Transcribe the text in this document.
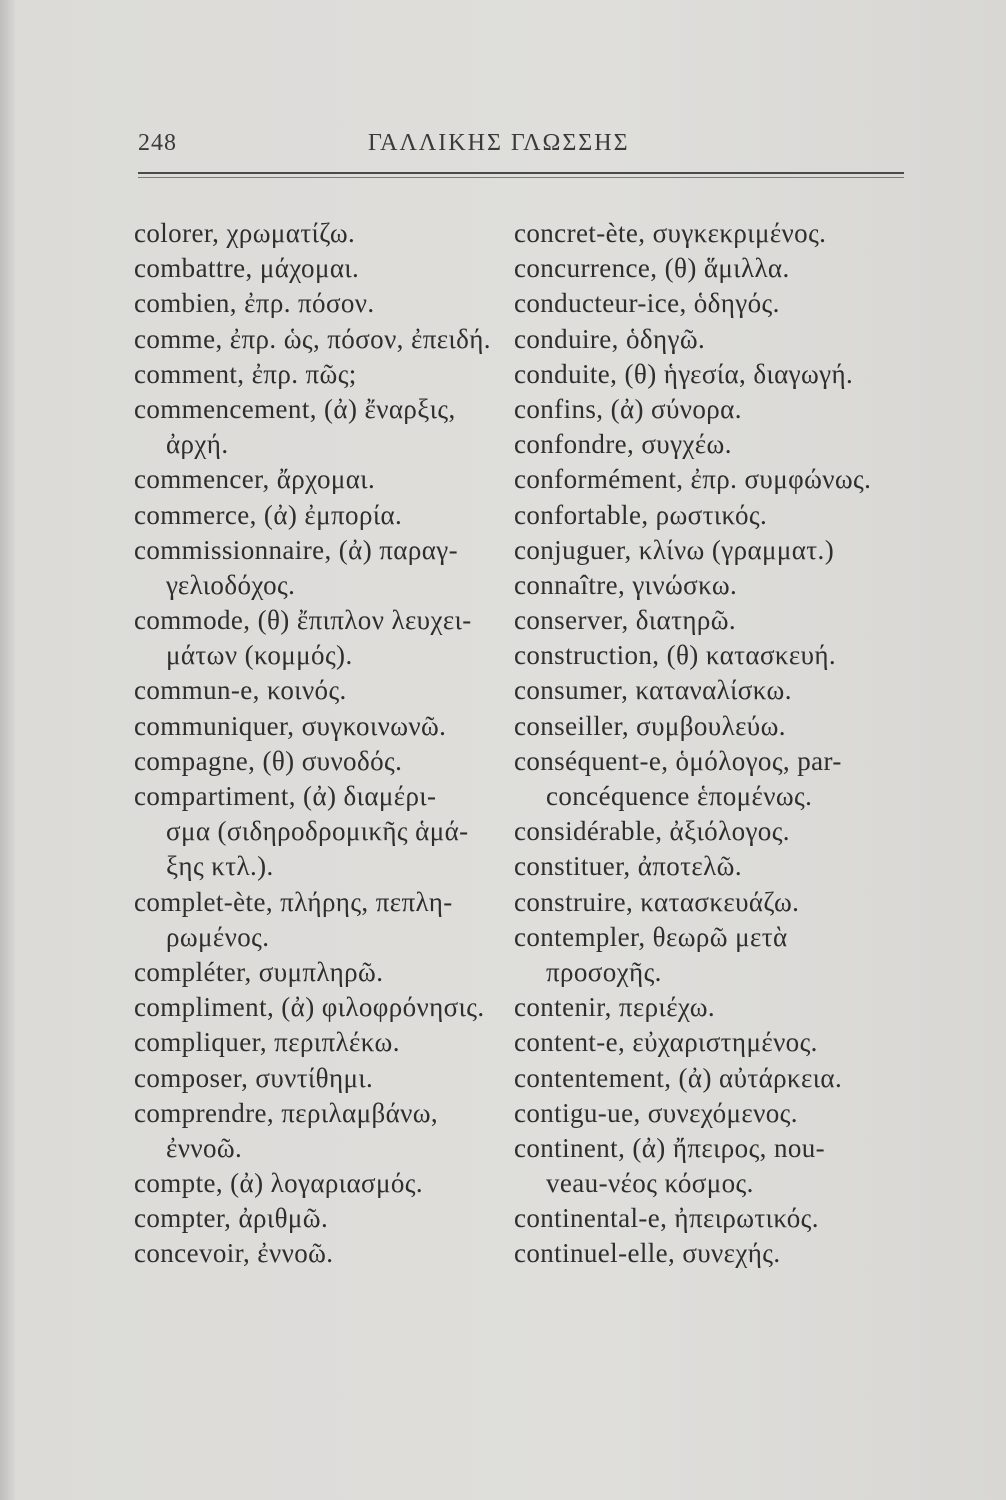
248	ΓΑΛΛΙΚΗΣ ΓΛΩΣΣΗΣ
colorer, χρωματίζω.
combattre, μάχομαι.
combien, ἐπρ. πόσον.
comme, ἐπρ. ὡς, πόσον, ἐπειδή.
comment, ἐπρ. πῶς;
commencement, (ἀ) ἔναρξις,
ἀρχή.
commencer, ἄρχομαι.
commerce, (ἀ) ἐμπορία.
commissionnaire, (ἀ) παραγ-
γελιοδόχος.
commode, (θ) ἔπιπλον λευχει-
μάτων (κομμός).
commun-e, κοινός.
communiquer, συγκοινωνῶ.
compagne, (θ) συνοδός.
compartiment, (ἀ) διαμέρι-
σμα (σιδηροδρομικῆς ἁμά-
ξης κτλ.).
complet-ète, πλήρης, πεπλη-
ρωμένος.
compléter, συμπληρῶ.
compliment, (ἀ) φιλοφρόνησις.
compliquer, περιπλέκω.
composer, συντίθημι.
comprendre, περιλαμβάνω,
ἐννοῶ.
compte, (ἀ) λογαριασμός.
compter, ἀριθμῶ.
concevoir, ἐννοῶ.
concret-ète, συγκεκριμένος.
concurrence, (θ) ἅμιλλα.
conducteur-ice, ὁδηγός.
conduire, ὁδηγῶ.
conduite, (θ) ἡγεσία, διαγωγή.
confins, (ἀ) σύνορα.
confondre, συγχέω.
conformément, ἐπρ. συμφώνως.
confortable, ρωστικός.
conjuguer, κλίνω (γραμματ.)
connaître, γινώσκω.
conserver, διατηρῶ.
construction, (θ) κατασκευή.
consumer, καταναλίσκω.
conseiller, συμβουλεύω.
conséquent-e, ὁμόλογος, par-
concéquence ἑπομένως.
considérable, ἀξιόλογος.
constituer, ἀποτελῶ.
construire, κατασκευάζω.
contempler, θεωρῶ μετὰ
προσοχῆς.
contenir, περιέχω.
content-e, εὐχαριστημένος.
contentement, (ἀ) αὐτάρκεια.
contigu-ue, συνεχόμενος.
continent, (ἀ) ἤπειρος, nou-
veau-νέος κόσμος.
continental-e, ἠπειρωτικός.
continuel-elle, συνεχής.
